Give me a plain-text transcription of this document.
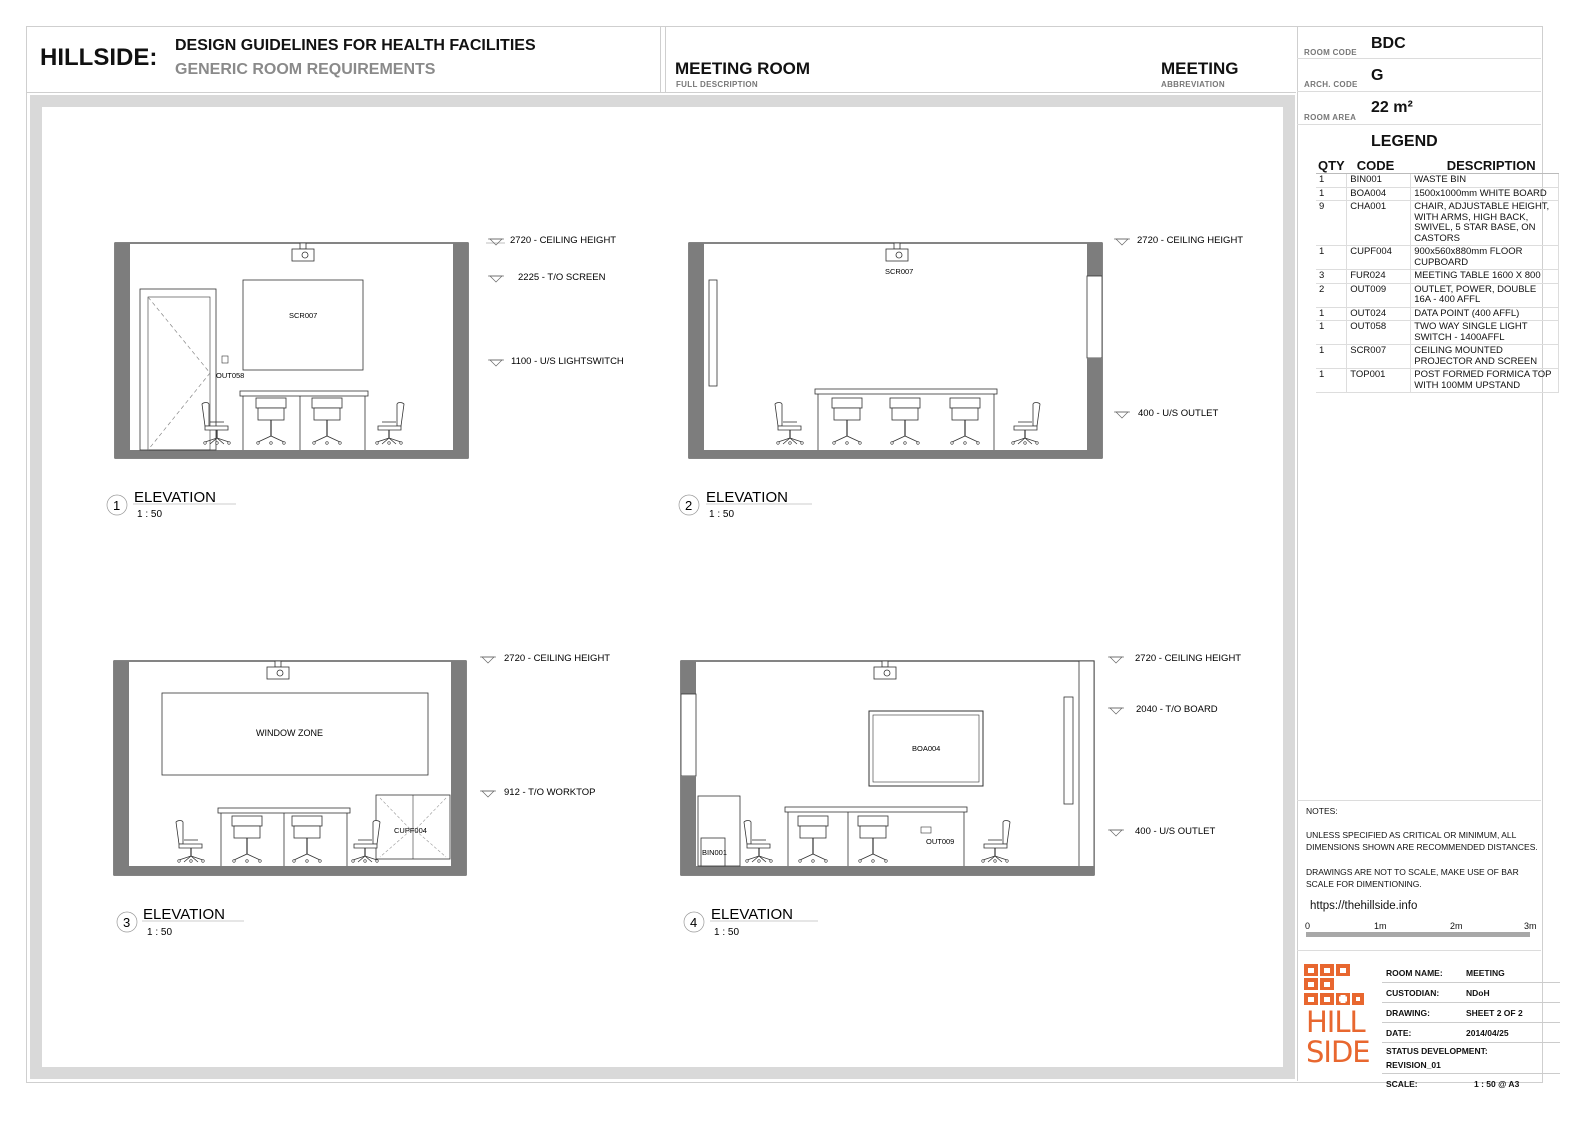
HILLSIDE: DESIGN GUIDELINES FOR HEALTH FACILITIES
GENERIC ROOM REQUIREMENTS	MEETING ROOM
FULL DESCRIPTION
MEETING
ABBREVIATION
ROOM CODE
BDC
ARCH. CODE
G
ROOM AREA
22 m²
LEGEND
QTY	CODE	DESCRIPTION
1	BIN001	WASTE BIN
1	BOA004	1500x1000mm WHITE BOARD
9	CHA001	CHAIR, ADJUSTABLE HEIGHT, WITH ARMS, HIGH BACK, SWIVEL, 5 STAR BASE, ON CASTORS
1	CUPF004	900x560x880mm FLOOR CUPBOARD
3	FUR024	MEETING TABLE 1600 X 800
2	OUT009	OUTLET, POWER, DOUBLE 16A - 400 AFFL
1	OUT024	DATA POINT (400 AFFL)
1	OUT058	TWO WAY SINGLE LIGHT SWITCH - 1400AFFL
1	SCR007	CEILING MOUNTED PROJECTOR AND SCREEN
1	TOP001	POST FORMED FORMICA TOP WITH 100MM UPSTAND
NOTES:
UNLESS SPECIFIED AS CRITICAL OR MINIMUM, ALL DIMENSIONS SHOWN ARE RECOMMENDED DISTANCES.
DRAWINGS ARE NOT TO SCALE, MAKE USE OF BAR SCALE FOR DIMENTIONING.
https://thehillside.info
0	1m	2m	3m
HILL
SIDE
ROOM NAME:	MEETING
CUSTODIAN:	NDoH
DRAWING:	SHEET 2 OF 2
DATE:	2014/04/25

STATUS DEVELOPMENT:
REVISION_01	

SCALE:	1 : 50 @ A3
1 ELEVATION
1 : 50
2720 - CEILING HEIGHT
2225 - T/O SCREEN
1100 - U/S LIGHTSWITCH
SCR007
OUT058
2 ELEVATION
1 : 50
2720 - CEILING HEIGHT
400 - U/S OUTLET
SCR007
3 ELEVATION
1 : 50
2720 - CEILING HEIGHT
912 - T/O WORKTOP
WINDOW ZONE
CUPF004
4 ELEVATION
1 : 50
2720 - CEILING HEIGHT
2040 - T/O BOARD
400 - U/S OUTLET
BOA004
OUT009
BIN001
